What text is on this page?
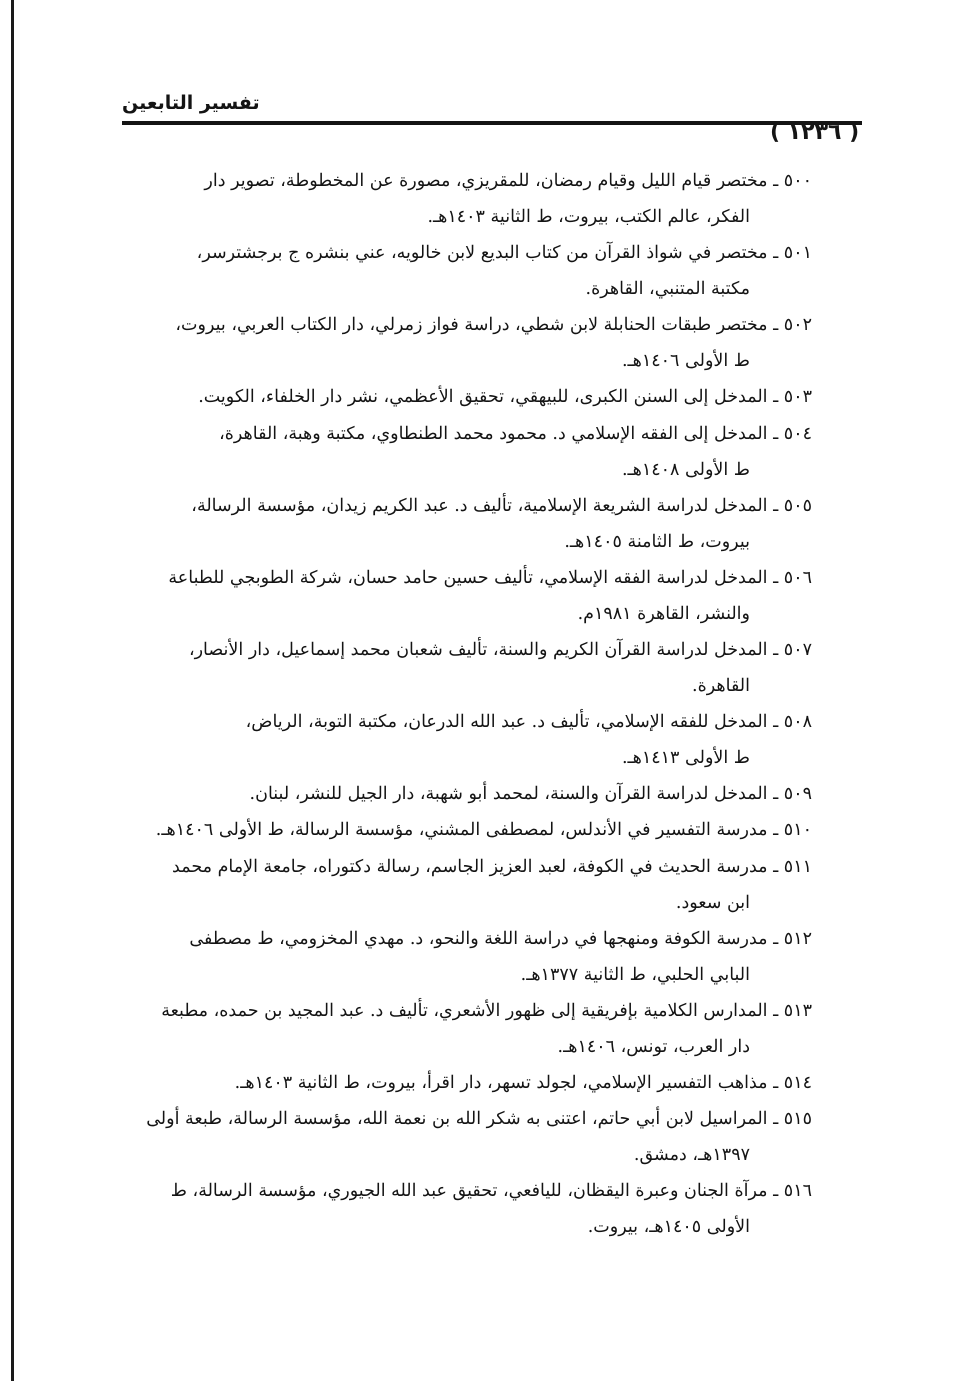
تفسير التابعين
( ١٢٣٦ )
٥٠٠ ـ مختصر قيام الليل وقيام رمضان، للمقريزي، مصورة عن المخطوطة، تصوير دار
الفكر، عالم الكتب، بيروت، ط الثانية ١٤٠٣هـ.
٥٠١ ـ مختصر في شواذ القرآن من كتاب البديع لابن خالويه، عني بنشره ج برجشترسر،
مكتبة المتنبي، القاهرة.
٥٠٢ ـ مختصر طبقات الحنابلة لابن شطي، دراسة فواز زمرلي، دار الكتاب العربي، بيروت،
ط الأولى ١٤٠٦هـ.
٥٠٣ ـ المدخل إلى السنن الكبرى، للبيهقي، تحقيق الأعظمي، نشر دار الخلفاء، الكويت.
٥٠٤ ـ المدخل إلى الفقه الإسلامي د. محمود محمد الطنطاوي، مكتبة وهبة، القاهرة،
ط الأولى ١٤٠٨هـ.
٥٠٥ ـ المدخل لدراسة الشريعة الإسلامية، تأليف د. عبد الكريم زيدان، مؤسسة الرسالة،
بيروت، ط الثامنة ١٤٠٥هـ.
٥٠٦ ـ المدخل لدراسة الفقه الإسلامي، تأليف حسين حامد حسان، شركة الطوبجي للطباعة
والنشر، القاهرة ١٩٨١م.
٥٠٧ ـ المدخل لدراسة القرآن الكريم والسنة، تأليف شعبان محمد إسماعيل، دار الأنصار،
القاهرة.
٥٠٨ ـ المدخل للفقه الإسلامي، تأليف د. عبد الله الدرعان، مكتبة التوبة، الرياض،
ط الأولى ١٤١٣هـ.
٥٠٩ ـ المدخل لدراسة القرآن والسنة، لمحمد أبو شهبة، دار الجيل للنشر، لبنان.
٥١٠ ـ مدرسة التفسير في الأندلس، لمصطفى المشني، مؤسسة الرسالة، ط الأولى ١٤٠٦هـ.
٥١١ ـ مدرسة الحديث في الكوفة، لعبد العزيز الجاسم، رسالة دكتوراه، جامعة الإمام محمد
ابن سعود.
٥١٢ ـ مدرسة الكوفة ومنهجها في دراسة اللغة والنحو، د. مهدي المخزومي، ط مصطفى
البابي الحلبي، ط الثانية ١٣٧٧هـ.
٥١٣ ـ المدارس الكلامية بإفريقية إلى ظهور الأشعري، تأليف د. عبد المجيد بن حمده، مطبعة
دار العرب، تونس، ١٤٠٦هـ.
٥١٤ ـ مذاهب التفسير الإسلامي، لجولد تسهر، دار اقرأ، بيروت، ط الثانية ١٤٠٣هـ.
٥١٥ ـ المراسيل لابن أبي حاتم، اعتنى به شكر الله بن نعمة الله، مؤسسة الرسالة، طبعة أولى
١٣٩٧هـ، دمشق.
٥١٦ ـ مرآة الجنان وعبرة اليقظان، لليافعي، تحقيق عبد الله الجيوري، مؤسسة الرسالة، ط
الأولى ١٤٠٥هـ، بيروت.
